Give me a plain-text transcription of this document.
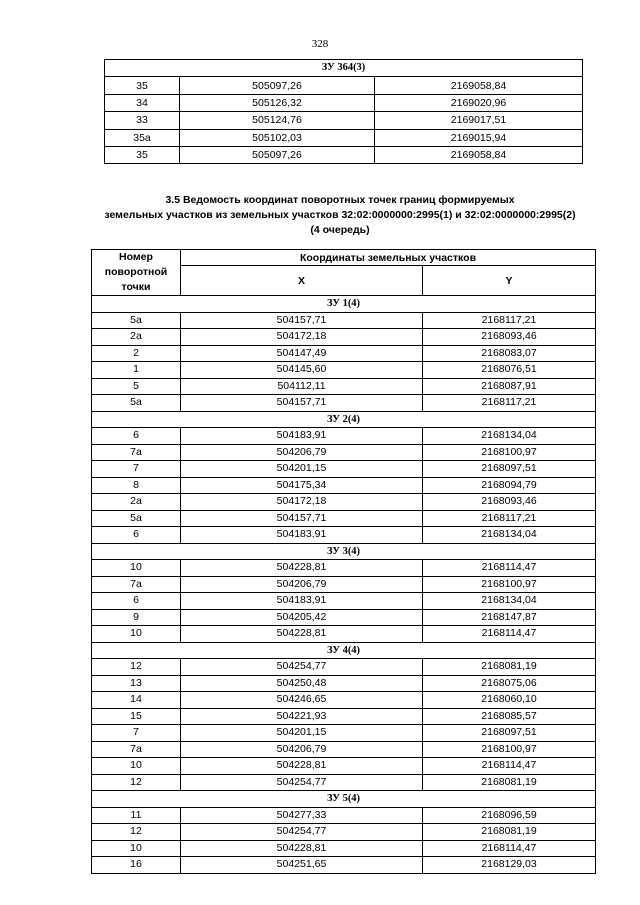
328
ЗУ 364(3)		
35	505097,26	2169058,84
34	505126,32	2169020,96
33	505124,76	2169017,51
35а	505102,03	2169015,94
35	505097,26	2169058,84
3.5 Ведомость координат поворотных точек границ формируемых
земельных участков из земельных участков 32:02:0000000:2995(1) и 32:02:0000000:2995(2)
(4 очередь)
Номер поворотной точки	Координаты земельных участков	
	X	Y
ЗУ 1(4)		
5а	504157,71	2168117,21
2а	504172,18	2168093,46
2	504147,49	2168083,07
1	504145,60	2168076,51
5	504112,11	2168087,91
5а	504157,71	2168117,21
ЗУ 2(4)		
6	504183,91	2168134,04
7а	504206,79	2168100,97
7	504201,15	2168097,51
8	504175,34	2168094,79
2а	504172,18	2168093,46
5а	504157,71	2168117,21
6	504183,91	2168134,04
ЗУ 3(4)		
10	504228,81	2168114,47
7а	504206,79	2168100,97
6	504183,91	2168134,04
9	504205,42	2168147,87
10	504228,81	2168114,47
ЗУ 4(4)		
12	504254,77	2168081,19
13	504250,48	2168075,06
14	504246,65	2168060,10
15	504221,93	2168085,57
7	504201,15	2168097,51
7а	504206,79	2168100,97
10	504228,81	2168114,47
12	504254,77	2168081,19
ЗУ 5(4)		
11	504277,33	2168096,59
12	504254,77	2168081,19
10	504228,81	2168114,47
16	504251,65	2168129,03
